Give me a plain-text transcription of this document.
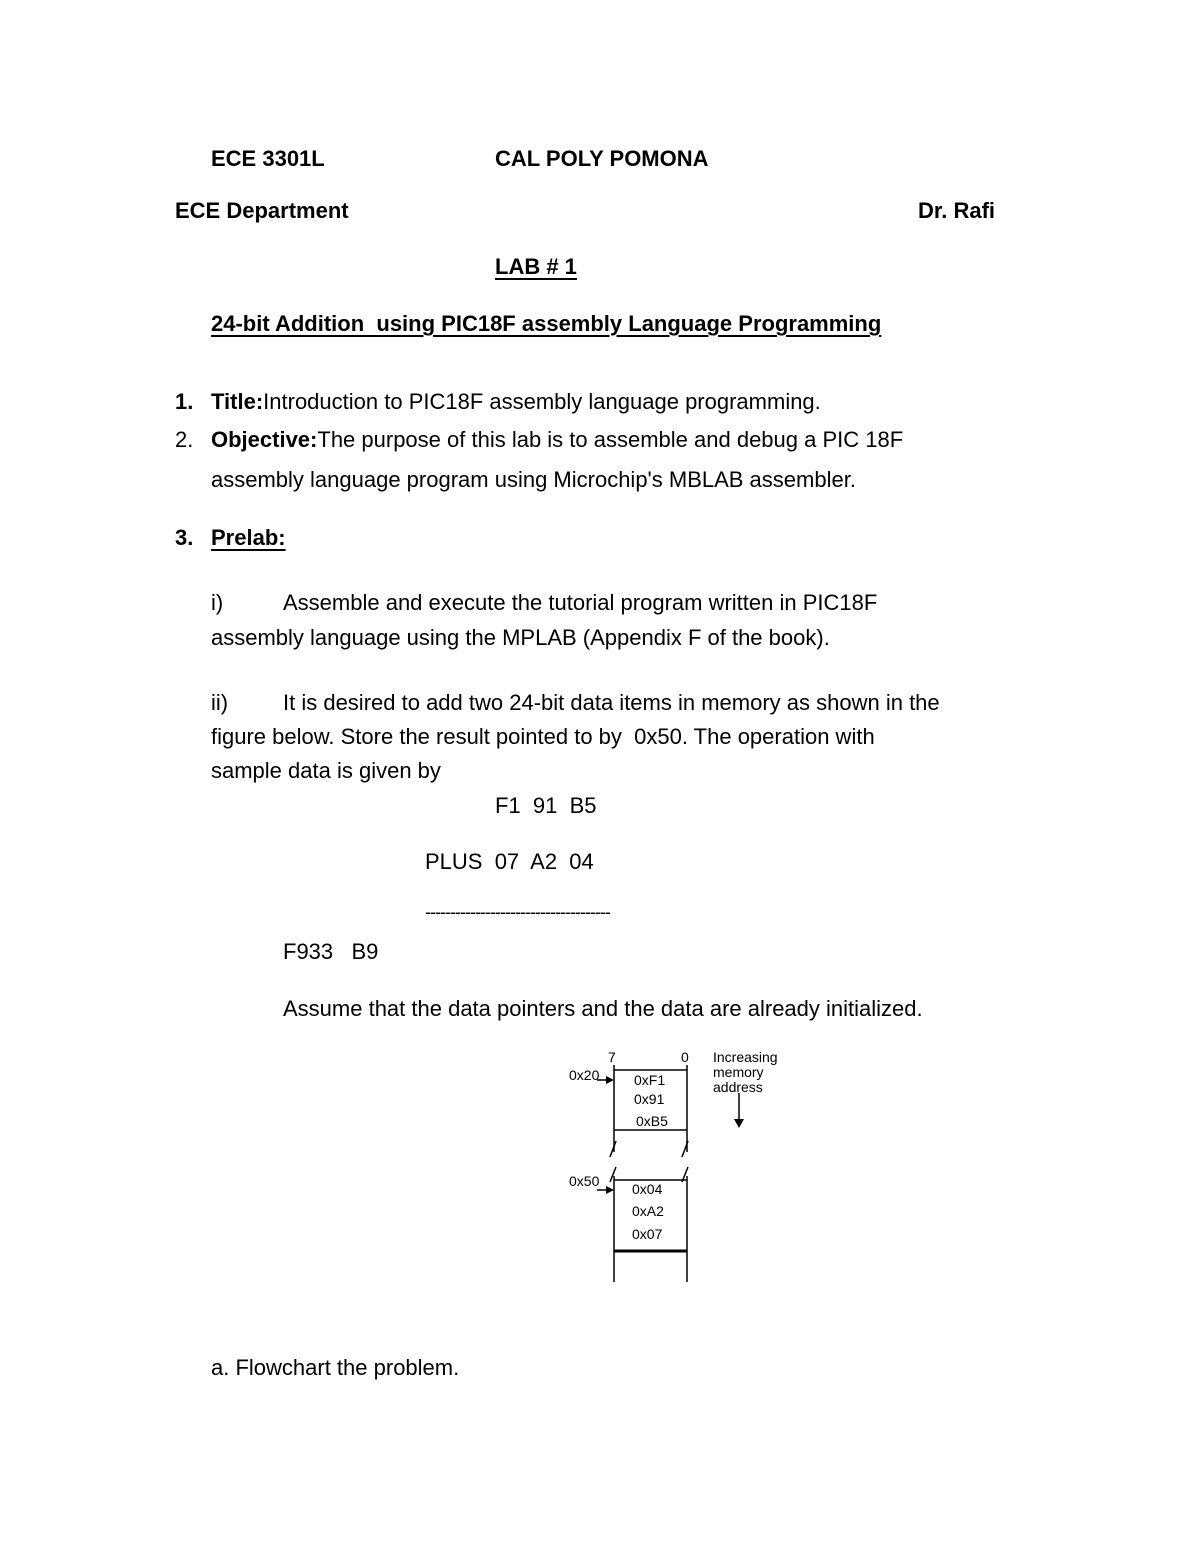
ECE 3301L	CAL POLY POMONA
ECE Department	Dr. Rafi
LAB # 1
24-bit Addition  using PIC18F assembly Language Programming
1. Title:Introduction to PIC18F assembly language programming.
2. Objective:The purpose of this lab is to assemble and debug a PIC 18F
assembly language program using Microchip's MBLAB assembler.
3. Prelab:
i)	Assemble and execute the tutorial program written in PIC18F
assembly language using the MPLAB (Appendix F of the book).
ii) It is desired to add two 24-bit data items in memory as shown in the
figure below. Store the result pointed to by  0x50. The operation with
sample data is given by
F1  91  B5
PLUS  07  A2  04
-------------------------------------
F933   B9
Assume that the data pointers and the data are already initialized.
7	0 Increasing
memory
address
0x20 0xF1
0x91
0xB5
0x50 0x04
0xA2
0x07
a. Flowchart the problem.
